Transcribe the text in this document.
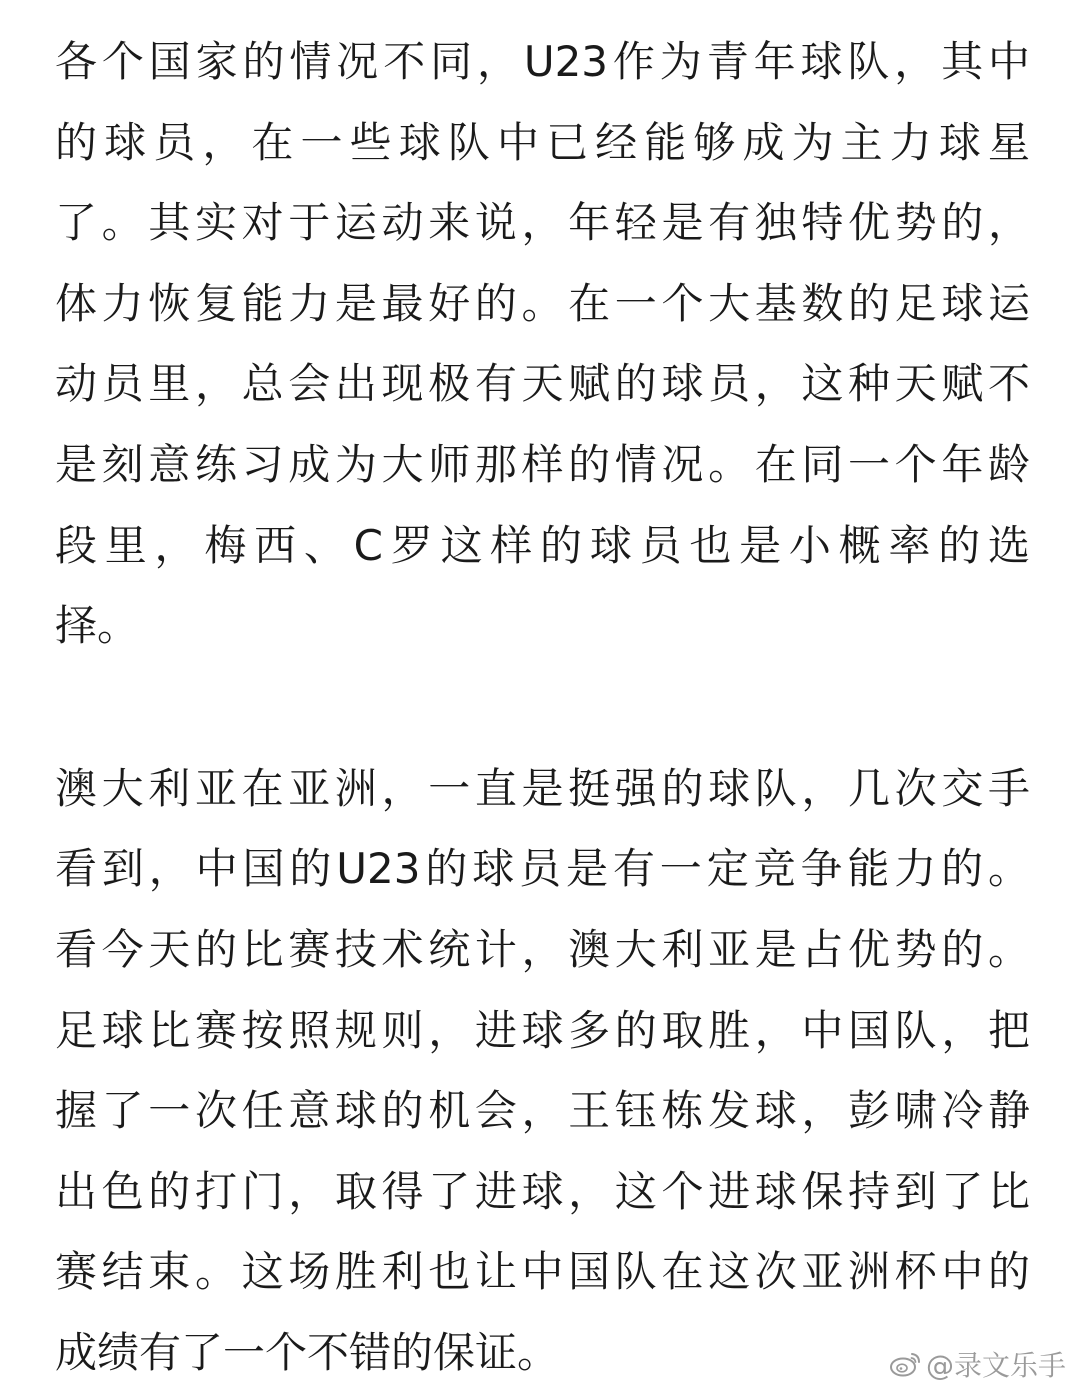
各个国家的情况不同，U23作为青年球队，其中
的球员，在一些球队中已经能够成为主力球星
了。其实对于运动来说，年轻是有独特优势的，
体力恢复能力是最好的。在一个大基数的足球运
动员里，总会出现极有天赋的球员，这种天赋不
是刻意练习成为大师那样的情况。在同一个年龄
段里，梅西、C罗这样的球员也是小概率的选
择。
澳大利亚在亚洲，一直是挺强的球队，几次交手
看到，中国的U23的球员是有一定竞争能力的。
看今天的比赛技术统计，澳大利亚是占优势的。
足球比赛按照规则，进球多的取胜，中国队，把
握了一次任意球的机会，王钰栋发球，彭啸冷静
出色的打门，取得了进球，这个进球保持到了比
赛结束。这场胜利也让中国队在这次亚洲杯中的
成绩有了一个不错的保证。	@录文乐手
